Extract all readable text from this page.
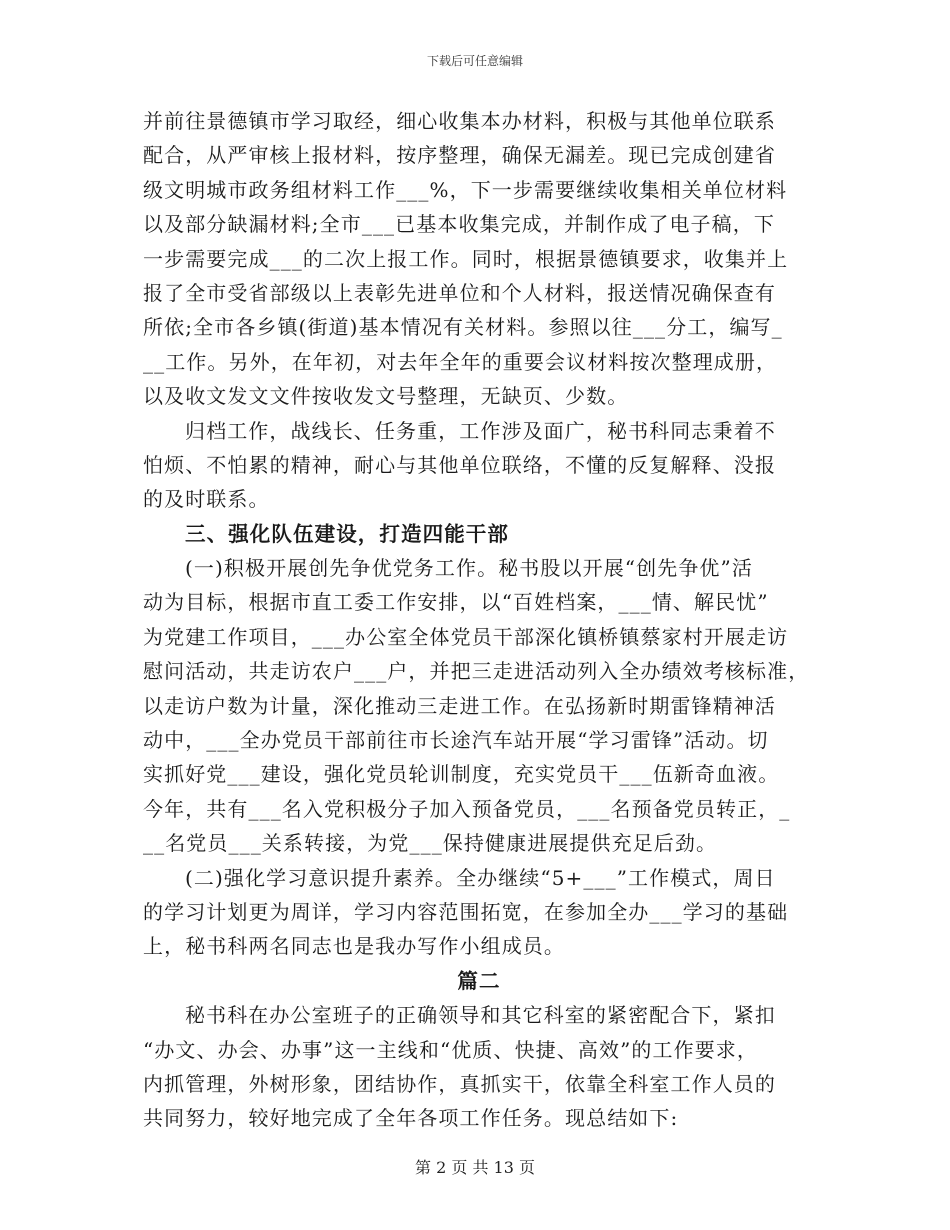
下载后可任意编辑
并前往景德镇市学习取经，细心收集本办材料，积极与其他单位联系
配合，从严审核上报材料，按序整理，确保无漏差。现已完成创建省
级文明城市政务组材料工作___%，下一步需要继续收集相关单位材料
以及部分缺漏材料;全市___已基本收集完成，并制作成了电子稿，下
一步需要完成___的二次上报工作。同时，根据景德镇要求，收集并上
报了全市受省部级以上表彰先进单位和个人材料，报送情况确保查有
所依;全市各乡镇(街道)基本情况有关材料。参照以往___分工，编写_
__工作。另外，在年初，对去年全年的重要会议材料按次整理成册，
以及收文发文文件按收发文号整理，无缺页、少数。
归档工作，战线长、任务重，工作涉及面广，秘书科同志秉着不
怕烦、不怕累的精神，耐心与其他单位联络，不懂的反复解释、没报
的及时联系。
三、强化队伍建设，打造四能干部
(一)积极开展创先争优党务工作。秘书股以开展“创先争优”活
动为目标，根据市直工委工作安排，以“百姓档案，___情、解民忧”
为党建工作项目，___办公室全体党员干部深化镇桥镇蔡家村开展走访
慰问活动，共走访农户___户，并把三走进活动列入全办绩效考核标准，
以走访户数为计量，深化推动三走进工作。在弘扬新时期雷锋精神活
动中，___全办党员干部前往市长途汽车站开展“学习雷锋”活动。切
实抓好党___建设，强化党员轮训制度，充实党员干___伍新奇血液。
今年，共有___名入党积极分子加入预备党员，___名预备党员转正，_
__名党员___关系转接，为党___保持健康进展提供充足后劲。
(二)强化学习意识提升素养。全办继续“5+___”工作模式，周日
的学习计划更为周详，学习内容范围拓宽，在参加全办___学习的基础
上，秘书科两名同志也是我办写作小组成员。
篇二
秘书科在办公室班子的正确领导和其它科室的紧密配合下，紧扣
“办文、办会、办事”这一主线和“优质、快捷、高效”的工作要求，
内抓管理，外树形象，团结协作，真抓实干，依靠全科室工作人员的
共同努力，较好地完成了全年各项工作任务。现总结如下:
第 2 页 共 13 页
